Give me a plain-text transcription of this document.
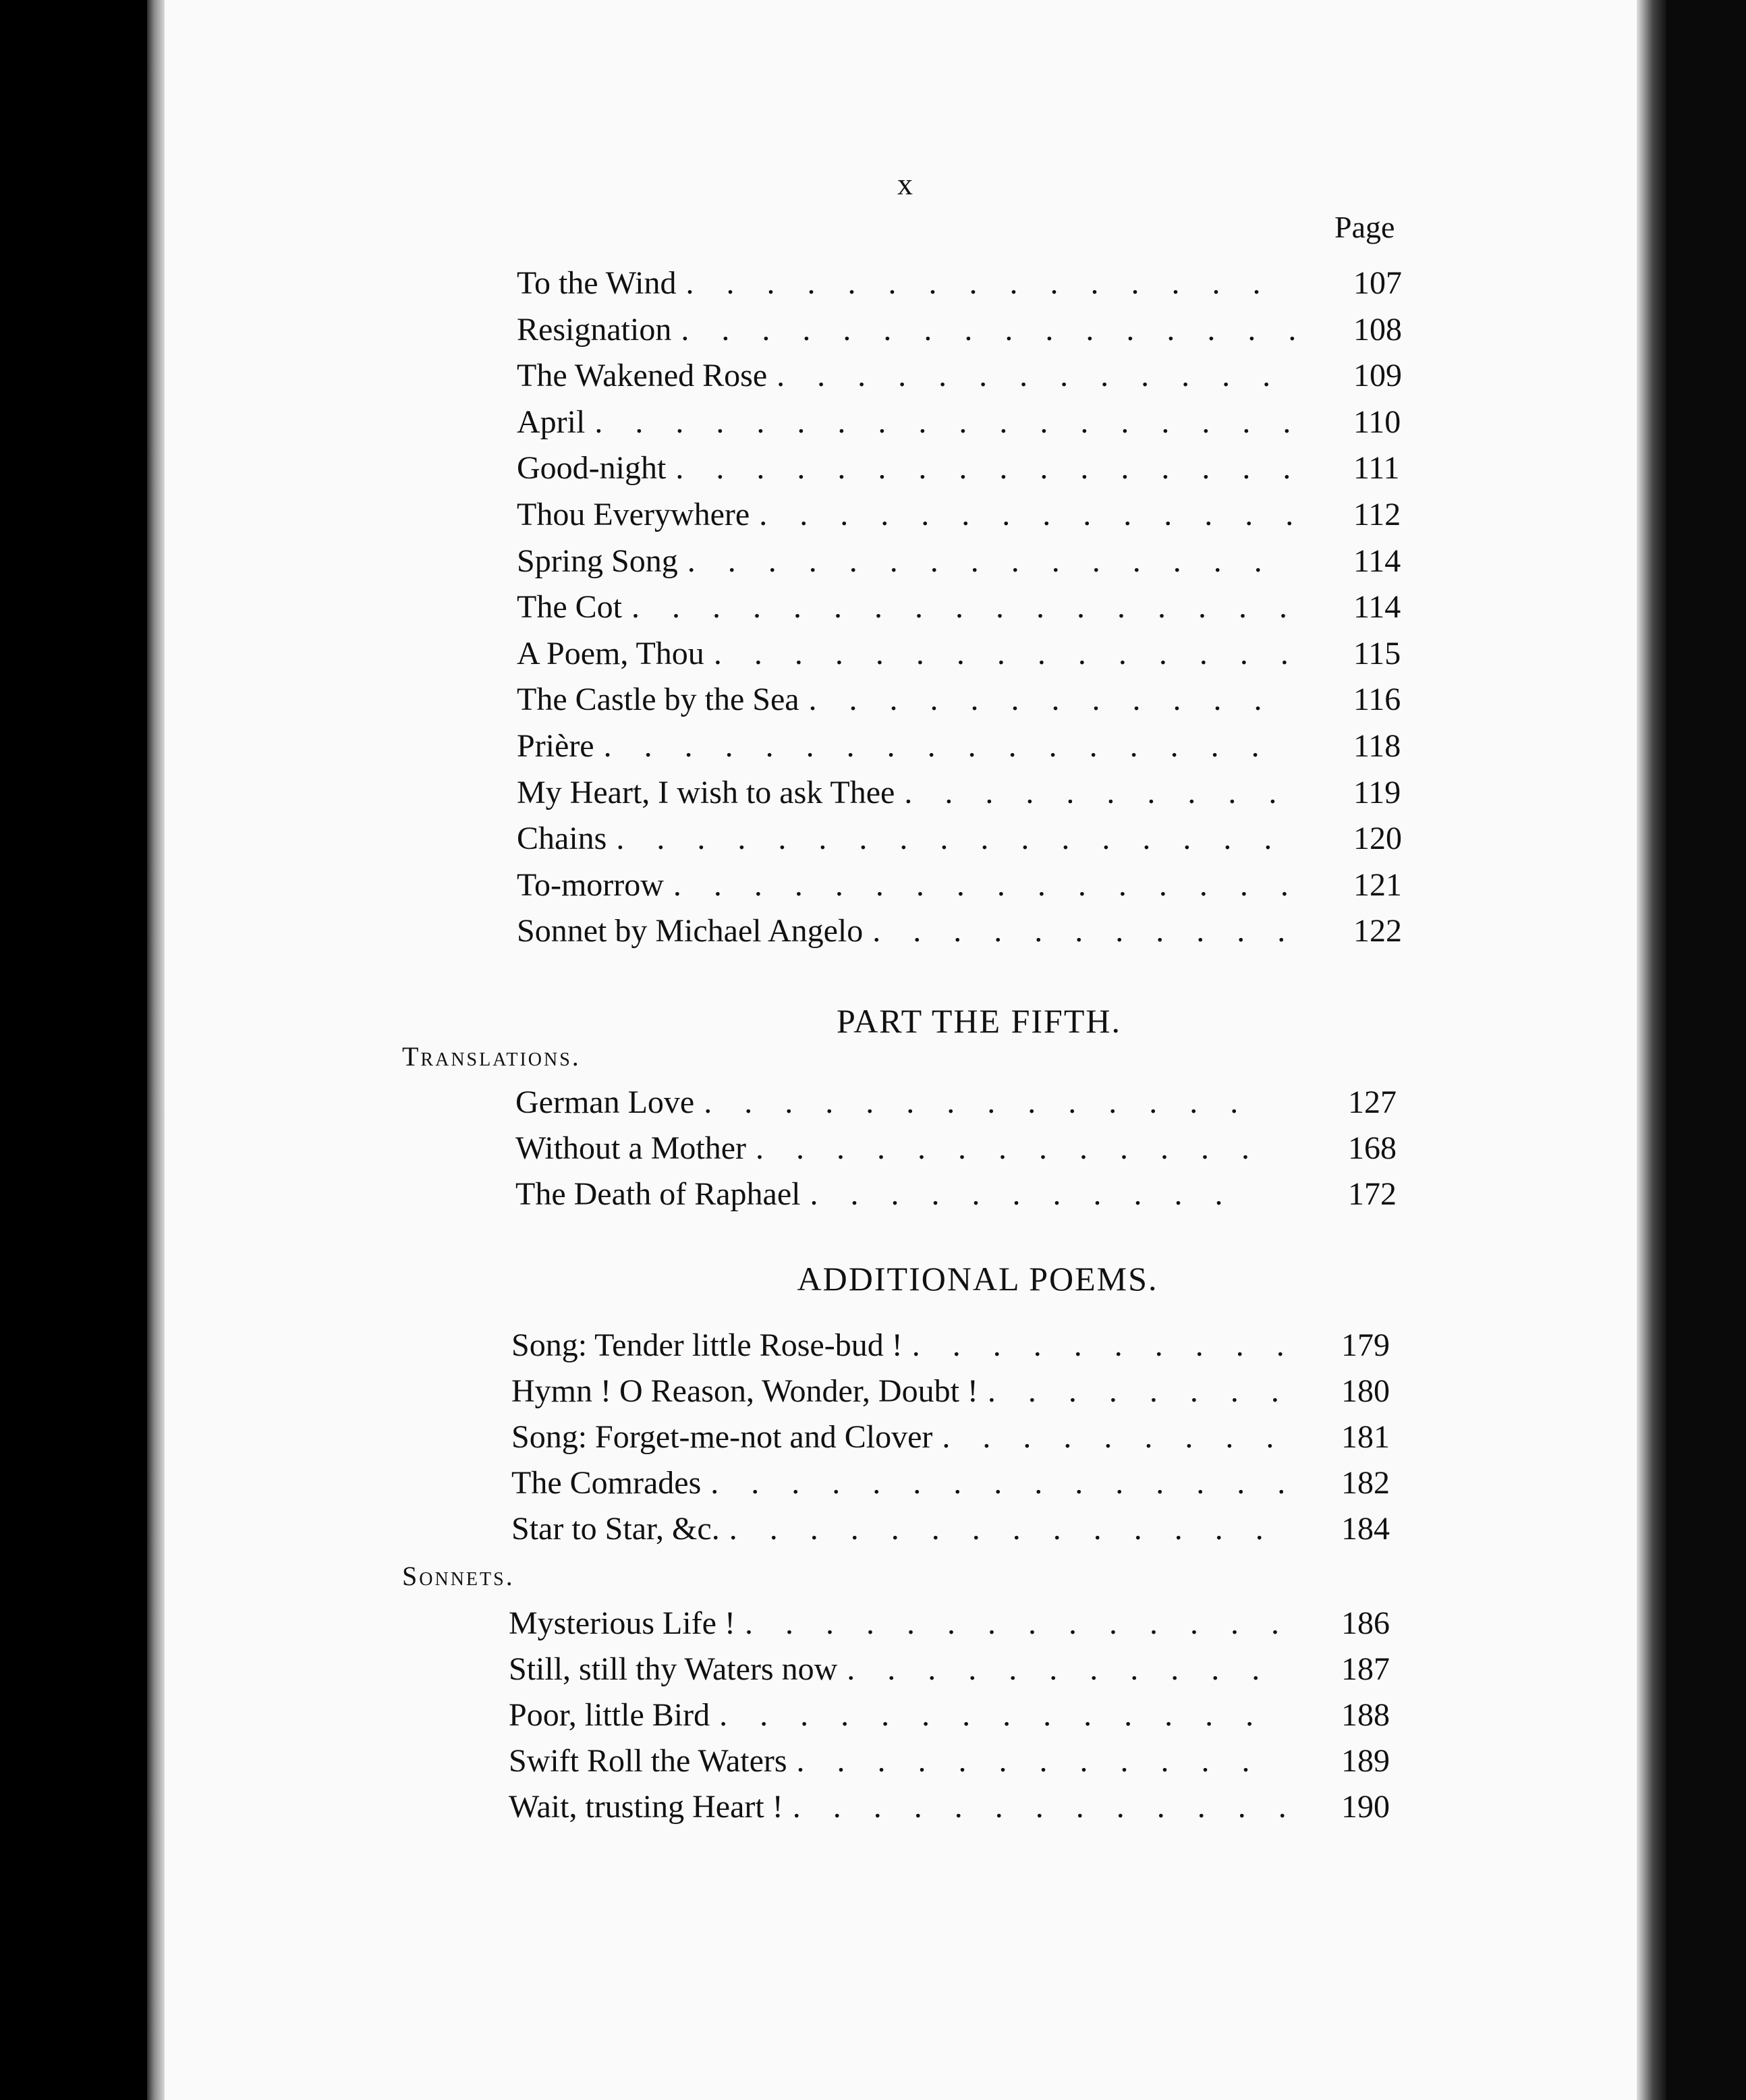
x
Page
To the Wind ............... 107
Resignation ................ 108
The Wakened Rose ............. 109
April .................. 110
Good-night ................ 111
Thou Everywhere .............. 112
Spring Song ............... 114
The Cot ................. 114
A Poem, Thou ............... 115
The Castle by the Sea ............ 116
Prière ................. 118
My Heart, I wish to ask Thee .......... 119
Chains ................. 120
To-morrow ................ 121
Sonnet by Michael Angelo ........... 122
PART THE FIFTH.
Translations.
German Love .............. 127
Without a Mother ............. 168
The Death of Raphael ...........	172
ADDITIONAL POEMS.
Song: Tender little Rose-bud ! .......... 179
Hymn ! O Reason, Wonder, Doubt ! ........ 180
Song: Forget-me-not and Clover ......... 181
The Comrades ............... 182
Star to Star, &c. .............. 184
Sonnets.
Mysterious Life ! .............. 186
Still, still thy Waters now ........... 187
Poor, little Bird .............. 188
Swift Roll the Waters ............ 189
Wait, trusting Heart ! ............. 190
